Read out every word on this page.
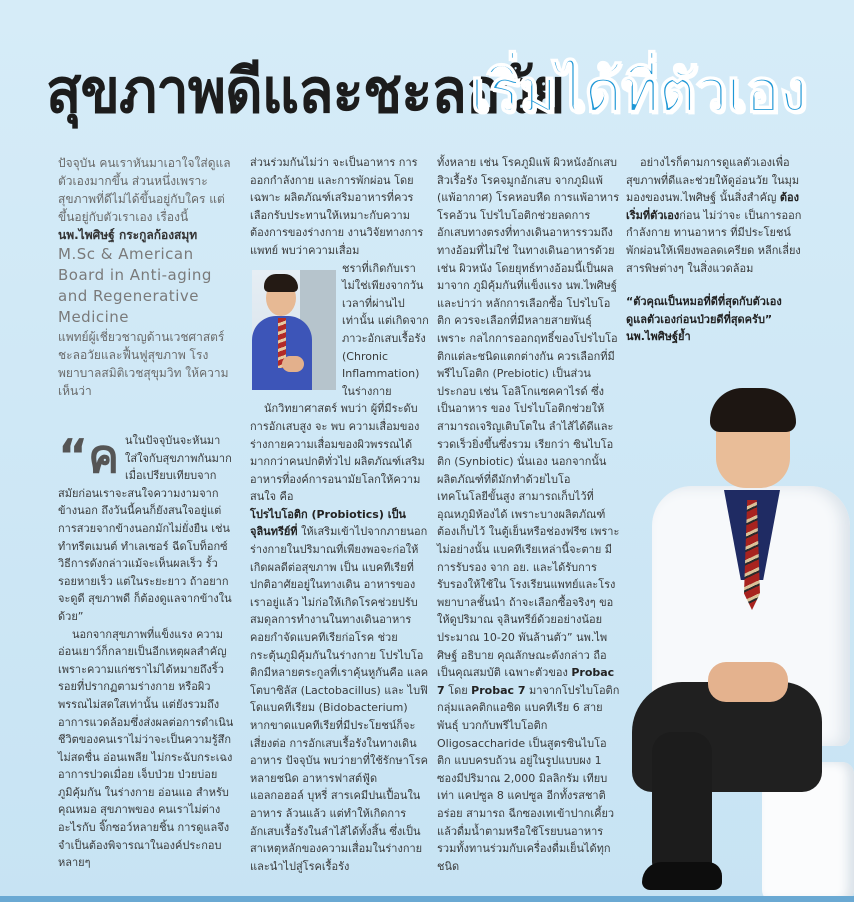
สุขภาพดีและชะลอวัย
เริ่มได้ที่ตัวเอง

ปัจจุบัน คนเราหันมาเอาใจใส่ดูแลตัวเองมากขึ้น ส่วนหนึ่งเพราะสุขภาพที่ดีไม่ได้ขึ้นอยู่กับใคร แต่ขึ้นอยู่กับตัวเราเอง เรื่องนี้

นพ.ไพศิษฐ์ กระกูลก้องสมุท

M.Sc & American Board in Anti-aging and Regenerative Medicine

แพทย์ผู้เชี่ยวชาญด้านเวชศาสตร์ชะลอวัยและฟื้นฟูสุขภาพ โรงพยาบาลสมิติเวชสุขุมวิท ให้ความเห็นว่า

“ค นในปัจจุบันจะหันมาใส่ใจกับสุขภาพกันมาก เมื่อเปรียบเทียบจากสมัยก่อนเราจะสนใจความงามจากข้างนอก ถึงวันนี้คนก็ยังสนใจอยู่แต่การสวยจากข้างนอกมักไม่ยั่งยืน เช่น ทำทรีตเมนต์ ทำเลเซอร์ ฉีดโบท็อกซ์ วิธีการดังกล่าวแม้จะเห็นผลเร็ว รั้วรอยหายเร็ว แต่ในระยะยาว ถ้าอยากจะดูดี สุขภาพดี ก็ต้องดูแลจากข้างในด้วย”

นอกจากสุขภาพที่แข็งแรง ความอ่อนเยาว์ก็กลายเป็นอีกเหตุผลสำคัญเพราะความแก่ชราไม่ได้หมายถึงริ้วรอยที่ปรากฏตามร่างกาย หรือผิวพรรณไม่สดใสเท่านั้น แต่ยังรวมถึงอาการแวดล้อมซึ่งส่งผลต่อการดำเนินชีวิตของคนเราไม่ว่าจะเป็นความรู้สึกไม่สดชื่น อ่อนเพลีย ไม่กระฉับกระเฉงอาการปวดเมื่อย เจ็บป่วย ป่วยบ่อย ภูมิคุ้มกัน ในร่างกาย อ่อนแอ สำหรับคุณหมอ สุขภาพของ คนเราไม่ต่างอะไรกับ จิ๊กซอว์หลายชิ้น การดูแลจึงจำเป็นต้องพิจารณาในองค์ประกอบหลายๆ

ส่วนร่วมกันไม่ว่า จะเป็นอาหาร การออกกำลังกาย และการพักผ่อน โดยเฉพาะ ผลิตภัณฑ์เสริมอาหารที่ควรเลือกรับประทานให้เหมาะกับความต้องการของร่างกาย งานวิจัยทางการแพทย์ พบว่าความเสื่อม

ชราที่เกิดกับเราไม่ใช่เพียงจากวันเวลาที่ผ่านไปเท่านั้น แต่เกิดจากภาวะอักเสบเรื้อรัง (Chronic Inflammation) ในร่างกาย

นักวิทยาศาสตร์ พบว่า ผู้ที่มีระดับการอักเสบสูง จะ พบ ความเสื่อมของร่างกายความเสื่อมของผิวพรรณได้มากกว่าคนปกติทั่วไป ผลิตภัณฑ์เสริมอาหารที่องค์การอนามัยโลกให้ความสนใจ คือ

โปรไบโอติก (Probiotics) เป็นจุลินทรีย์ที่ ให้เสริมเข้าไปจากภายนอกร่างกายในปริมาณที่เพียงพอจะก่อให้เกิดผลดีต่อสุขภาพ เป็น แบคทีเรียที่ปกติอาศัยอยู่ในทางเดิน อาหารของเราอยู่แล้ว ไม่ก่อให้เกิดโรคช่วยปรับสมดุลการทำงานในทางเดินอาหาร คอยกำจัดแบคทีเรียก่อโรค ช่วยกระตุ้นภูมิคุ้มกันในร่างกาย โปรไบโอติกมีหลายตระกูลที่เราคุ้นหูกันคือ แลคโตบาซิลัส (Lactobacillus) และ ไบฟิโดแบคทีเรียม (Bidobacterium) หากขาดแบคทีเรียที่มีประโยชน์ก็จะเสี่ยงต่อ การอักเสบเรื้อรังในทางเดินอาหาร ปัจจุบัน พบว่ายาที่ใช้รักษาโรคหลายชนิด อาหารฟาสต์ฟู้ด แอลกอฮอล์ บุหรี่ สารเคมีปนเปื้อนในอาหาร ล้วนแล้ว แต่ทำให้เกิดการอักเสบเรื้อรังในลำไส้ได้ทั้งสิ้น ซึ่งเป็นสาเหตุหลักของความเสื่อมในร่างกาย และนำไปสู่โรคเรื้อรัง

ทั้งหลาย เช่น โรคภูมิแพ้ ผิวหนังอักเสบ สิวเรื้อรัง โรคจมูกอักเสบ จากภูมิแพ้ (แพ้อากาศ) โรคหอบหืด การแพ้อาหาร โรคอ้วน โปรไบโอติกช่วยลดการอักเสบทางตรงที่ทางเดินอาหารรวมถึงทางอ้อมที่ไม่ใช่ ในทางเดินอาหารด้วย เช่น ผิวหนัง โดยยุทธ์ทางอ้อมนี้เป็นผลมาจาก ภูมิคุ้มกันที่แข็งแรง นพ.ไพศิษฐ์ และบ่าว่า หลักการเลือกซื้อ โปรไบโอติก ควรจะเลือกที่มีหลายสายพันธุ์เพราะ กลไกการออกฤทธิ์ของโปรไบโอติกแต่ละชนิดแตกต่างกัน ควรเลือกที่มี พรีไบโอติก (Prebiotic) เป็นส่วนประกอบ เช่น โอลิโกแซคคาไรด์ ซึ่งเป็นอาหาร ของ โปรไบโอติกช่วยให้สามารถเจริญเติบโตใน ลำไส้ได้ดีและรวดเร็วยิ่งขึ้นซึ่งรวม เรียกว่า ซินไบโอติก (Synbiotic) นั่นเอง นอกจากนั้นผลิตภัณฑ์ที่ดีมักทำด้วยไบโอเทคโนโลยีขั้นสูง สามารถเก็บไว้ที่อุณหภูมิห้องได้ เพราะบางผลิตภัณฑ์ต้องเก็บไว้ ในตู้เย็นหรือช่องฟรีซ เพราะไม่อย่างนั้น แบคทีเรียเหล่านี้จะตาย มีการรับรอง จาก อย. และได้รับการรับรองให้ใช้ใน โรงเรียนแพทย์และโรงพยาบาลชั้นนำ ถ้าจะเลือกซื้อจริงๆ ขอให้ดูปริมาณ จุลินทรีย์ด้วยอย่างน้อยประมาณ 10-20 พันล้านตัว” นพ.ไพศิษฐ์ อธิบาย คุณลักษณะดังกล่าว ถือเป็นคุณสมบัติ เฉพาะตัวของ Probac 7 โดย Probac 7 มาจากโปรไบโอติก กลุ่มแลคติกแอซิด แบคทีเรีย 6 สายพันธุ์ บวกกับพรีไบโอติก Oligosaccharide เป็นสูตรซินไบโอติก แบบครบถ้วน อยู่ในรูปแบบผง 1 ซองมีปริมาณ 2,000 มิลลิกรัม เทียบเท่า แคปซูล 8 แคปซูล อีกทั้งรสชาติอร่อย สามารถ ฉีกซองเทเข้าปากเคี้ยวแล้วดื่มน้ำตามหรือใช้โรยบนอาหาร รวมทั้งทานร่วมกับเครื่องดื่มเย็นได้ทุกชนิด

อย่างไรก็ตามการดูแลตัวเองเพื่อสุขภาพที่ดีและช่วยให้ดูอ่อนวัย ในมุมมองของนพ.ไพศิษฐ์ นั้นสิ่งสำคัญ ต้องเริ่มที่ตัวเองก่อน ไม่ว่าจะ เป็นการออกกำลังกาย ทานอาหาร ที่มีประโยชน์ พักผ่อนให้เพียงพอลดเครียด หลีกเลี่ยง สารพิษต่างๆ ในสิ่งแวดล้อม

“ตัวคุณเป็นหมอที่ดีที่สุดกับตัวเองดูแลตัวเองก่อนป่วยดีที่สุดครับ”

นพ.ไพศิษฐ์ย้ำ
